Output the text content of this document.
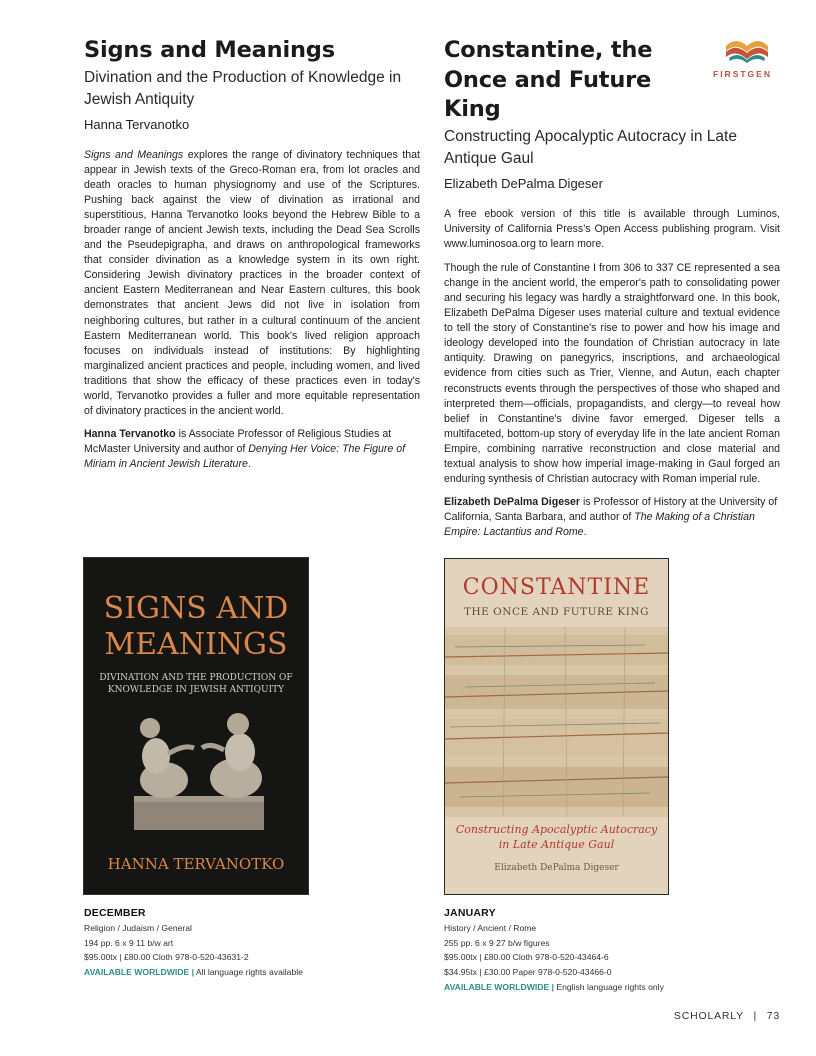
Signs and Meanings
Divination and the Production of Knowledge in Jewish Antiquity
Hanna Tervanotko

Signs and Meanings explores the range of divinatory techniques that appear in Jewish texts of the Greco-Roman era, from lot oracles and death oracles to human physiognomy and use of the Scriptures. Pushing back against the view of divination as irrational and superstitious, Hanna Tervanotko looks beyond the Hebrew Bible to a broader range of ancient Jewish texts, including the Dead Sea Scrolls and the Pseudepigrapha, and draws on anthropological frameworks that consider divination as a knowledge system in its own right. Considering Jewish divinatory practices in the broader context of ancient Eastern Mediterranean and Near Eastern cultures, this book demonstrates that ancient Jews did not live in isolation from neighboring cultures, but rather in a cultural continuum of the ancient Eastern Mediterranean world. This book's lived religion approach focuses on individuals instead of institutions: By highlighting marginalized ancient practices and people, including women, and lived traditions that show the efficacy of these practices even in today's world, Tervanotko provides a fuller and more equitable representation of divinatory practices in the ancient world.

Hanna Tervanotko is Associate Professor of Religious Studies at McMaster University and author of Denying Her Voice: The Figure of Miriam in Ancient Jewish Literature.

Constantine, the
Once and Future
King
Constructing Apocalyptic Autocracy in Late Antique Gaul
Elizabeth DePalma Digeser

A free ebook version of this title is available through Luminos, University of California Press's Open Access publishing program. Visit www.luminosoa.org to learn more.

Though the rule of Constantine I from 306 to 337 CE represented a sea change in the ancient world, the emperor's path to consolidating power and securing his legacy was hardly a straightforward one. In this book, Elizabeth DePalma Digeser uses material culture and textual evidence to tell the story of Constantine's rise to power and how his image and ideology developed into the foundation of Christian autocracy in late antiquity. Drawing on panegyrics, inscriptions, and archaeological evidence from cities such as Trier, Vienne, and Autun, each chapter reconstructs events through the perspectives of those who shaped and interpreted them—officials, propagandists, and clergy—to reveal how belief in Constantine's divine favor emerged. Digeser tells a multifaceted, bottom-up story of everyday life in the late ancient Roman Empire, combining narrative reconstruction and close material and textual analysis to show how imperial image-making in Gaul forged an enduring synthesis of Christian autocracy with Roman imperial rule.

Elizabeth DePalma Digeser is Professor of History at the University of California, Santa Barbara, and author of The Making of a Christian Empire: Lactantius and Rome.

FIRSTGEN
SIGNS AND
MEANINGS
DIVINATION AND THE PRODUCTION OF
KNOWLEDGE IN JEWISH ANTIQUITY
HANNA TERVANOTKO
CONSTANTINE
THE ONCE AND FUTURE KING
Constructing Apocalyptic Autocracy
in Late Antique Gaul
Elizabeth DePalma Digeser
DECEMBER
Religion / Judaism / General
194 pp. 6 x 9 11 b/w art
$95.00tx | £80.00 Cloth 978-0-520-43631-2
AVAILABLE WORLDWIDE | All language rights available
JANUARY
History / Ancient / Rome
255 pp. 6 x 9 27 b/w figures
$95.00tx | £80.00 Cloth 978-0-520-43464-6
$34.95tx | £30.00 Paper 978-0-520-43466-0
AVAILABLE WORLDWIDE | English language rights only
SCHOLARLY | 73
